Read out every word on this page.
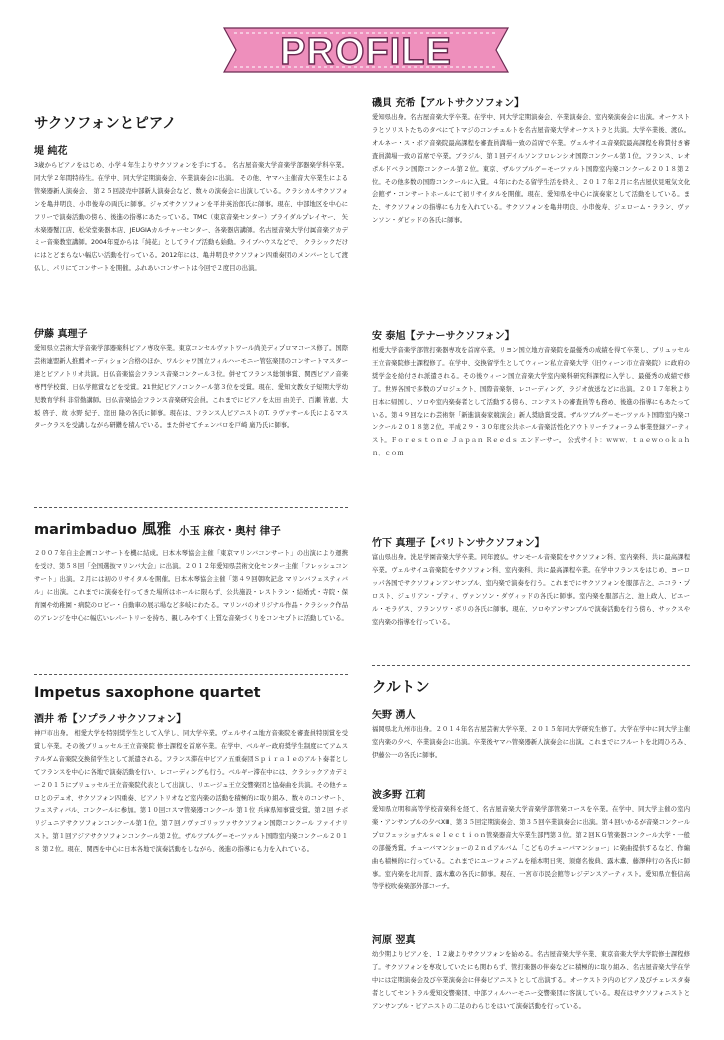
PROFILE
サクソフォンとピアノ
堤 純花

3歳からピアノをはじめ、小学４年生よりサクソフォンを手にする。 名古屋音楽大学音楽学部器楽学科卒業。 同大学２年間特待生。在学中、同大学定期演奏会、卒業演奏会に出演。 その他、ヤマハ主催音大卒業生による管楽器新人演奏会、 第２５回読売中部新人演奏会など、数々の演奏会に出演している。クラシカルサクソフォンを亀井明良、小串俊寿の両氏に師事。ジャズサクソフォンを平井英治郎氏に師事。現在、中部地区を中心にフリーで演奏活動の傍ら、後進の指導にあたっている。TMC（東京音楽センター）ブライダルプレイヤー、 矢木楽器蟹江店、松栄堂楽器本店、JEUGIAカルチャーセンター、各楽器店講師。名古屋音楽大学付属音楽アカデミー音楽教室講師。2004年夏からは「純花」としてライブ活動も始動。ライブハウスなどで、 クラシックだけにはとどまらない幅広い活動を行っている。2012年には、亀井明良サクソフォン四重奏団のメンバーとして渡仏し、パリにてコンサートを開催。ふれあいコンサートは今回で２度目の出演。

伊藤 真理子

愛知県立芸術大学音楽学部器楽科ピアノ専攻卒業。東京コンセルヴァトワール尚美ディプロマコース修了。国際芸術連盟新人推薦オーディション合格のほか、ワルシャワ国立フィルハーモニー管弦楽団のコンサートマスター達とピアノトリオ共演。日仏音楽協会フランス音楽コンクール３位。併せてフランス総領事賞、関西ピアノ音楽専門学校賞、日仏学館賞などを受賞。21世紀ピアノコンクール第３位を受賞。現在、愛知文教女子短期大学幼児教育学科 非常勤講師。日仏音楽協会フランス音楽研究会員。これまでにピアノを太田 由美子、百瀬 皆恵、大坂 啓子、故 水野 紀子、窪田 隆の各氏に師事。現在は、フランス人ピアニストのT. ラヴァサール氏によるマスタークラスを受講しながら研鑽を積んでいる。また併せてチェンバロを戸崎 廣乃氏に師事。

marimbaduo 風雅 小玉 麻衣・奥村 律子

２００７年自主企画コンサートを機に結成。日本木琴協会主催「東京マリンバコンサート」の出演により運携を受け、第５８回「全国選抜マリンバ大会」に出演。２０１２年愛知県芸術文化センター主催「フレッシュコンサート」出演。２月には初のリサイタルを開催。日本木琴協会主催「第４９回朝吹記念 マリンバフェスティバル」に出演。これまでに演奏を行ってきた場所はホールに限らず、公共施設・レストラン・結婚式・寺院・保育園や幼稚園・病院のロビー・自動車の展示場など多岐にわたる。マリンバのオリジナル作品・クラシック作品のアレンジを中心に幅広いレパートリーを持ち、親しみやすく上質な音楽づくりをコンセプトに活動している。

Impetus saxophone quartet
酒井 希【ソプラノサクソフォン】

神戸市出身。 相愛大学を特別奨学生として入学し、同大学卒業。ヴェルサイユ地方音楽院を審査員特別賞を受賞し卒業。その後ブリュッセル王立音楽院 修士課程を首席卒業。在学中、ベルギー政府奨学生制度にてアムステルダム音楽院交換留学生として派遣される。フランス滞在中ピアノ五重奏団Ｓｐｉｒａｌｅのアルト奏者としてフランスを中心に各地で演奏活動を行い、レコーディングも行う。ベルギー滞在中には、クラシックアカデミー２０１５にブリュッセル王立音楽院代表として出演し、リエージュ王立交響楽団と協奏曲を共演。その他チェロとのデュオ、サクソフォン四重奏、ピアノトリオなど室内楽の活動を積極的に取り組み、数々のコンサート、フェスティバル、コンクールに参加。第１０回コスマ管楽器コンクール 第１位 兵庫県知事賞受賞。第２回 チボリジュニアサクソフォンコンクール第１位。第７回ノヴァゴリッツァサクソフォン国際コンクール ファイナリスト。第１回アジアサクソフォンコンクール第２位。ザルツブルグ＝モーツァルト国際室内楽コンクール２０１８ 第２位。現在、関西を中心に日本各地で演奏活動をしながら、後進の指導にも力を入れている。

磯貝 充希【アルトサクソフォン】

愛知県出身。名古屋音楽大学卒業。在学中、同大学定期演奏会、卒業演奏会、室内楽演奏会に出演。オーケストラとソリストたちのタベにてトマジのコンチェルトを名古屋音楽大学オーケストラと共演。大学卒業後、渡仏。オルネー・ス・ボア音楽院最高課程を審査員満場一致の首席で卒業。ヴェルサイユ音楽院最高課程を称賛付き審査員満場一致の首席で卒業。ブラジル、第１回デイルソンフロレンシオ国際コンクール第１位。フランス、レオポルドベラン国際コンクール第２位。東京、ザルツブルグ＝モーツァルト国際室内楽コンクール２０１８第２位。その他多数の国際コンクールに入賞。４年にわたる留学生活を終え、２０１７年２月に名古屋伏見電気文化会館ザ・コンサートホールにて初リサイタルを開催。現在、愛知県を中心に演奏家として活動をしている。また、サクソフォンの指導にも力を入れている。サクソフォンを亀井明良、小串俊寿、ジェローム・ララン、ヴァンソン・ダビッドの各氏に師事。

安 泰旭【テナーサクソフォン】

相愛大学音楽学部管打楽器専攻を首席卒業。リヨン国立地方音楽院を最優秀の成績を得て卒業し、ブリュッセル王立音楽院修士課程修了。在学中、交換留学生としてウィーン私立音楽大学（旧ウィーン市立音楽院）に政府の奨学金を給付され派遣される。その後ウィーン国立音楽大学室内楽科研究科課程に入学し、最優秀の成績で修了。世界各国で多数のプロジェクト、国際音楽祭、レコーディング、ラジオ放送などに出演。２０１７年秋より日本に帰国し、ソロや室内楽奏者として活動する傍ら、コンテストの審査員等も務め、後進の指導にもあたっている。第４９回なにわ芸術祭「新進演奏家競演会」新人奨励賞受賞。ザルツブルグ＝モーツァルト国際室内楽コンクール２０１８第２位。平成２９・３０年度公共ホール音楽活性化アウトリーチフォーラム事業登録アーティスト。Ｆｏｒｅｓｔｏｎｅ Ｊａｐａｎ Ｒｅｅｄｓ エンドーサー。 公式サイト：ｗｗｗ．ｔａｅｗｏｏｋａｈｎ．ｃｏｍ

竹下 真理子【バリトンサクソフォン】

富山県出身。洗足学園音楽大学卒業。同年渡仏。サンモール音楽院をサクソフォン科、室内楽科、共に最高課程卒業。ヴェルサイユ音楽院をサクソフォン科、室内楽科、共に最高課程卒業。在学中フランスをはじめ、ヨーロッパ各国でサクソフォンアンサンブル、室内楽で演奏を行う。これまでにサクソフォンを服部吉之、ニコラ・プロスト、ジュリアン・プティ、ヴァンソン・ダヴィッドの各氏に師事。室内楽を服部吉之、池上政人、ピエール・モラゲス、フランソワ・ボリの各氏に師事。現在、ソロやアンサンブルで演奏活動を行う傍ら、サックスや室内楽の指導を行っている。

クルトン
矢野 湧人

福岡県北九州市出身。２０１４年名古屋芸術大学卒業、２０１５年同大学研究生修了。大学在学中に同大学主催室内楽の夕べ、卒業演奏会に出演。卒業後ヤマハ管楽器新人演奏会に出演。これまでにフルートを北岡ひろみ、伊藤公一の各氏に師事。

波多野 江莉

愛知県立明和高等学校音楽科を経て、名古屋音楽大学音楽学部管楽コースを卒業。在学中、同大学主催の室内楽・アンサンブルの夕べⅩⅢ、第３５回定期演奏会、第３５回卒業演奏会に出演。第４回いかるが音楽コンクールプロフェッショナルｓｅｌｅｃｔｉｏｎ管楽器音大卒業生部門第３位。第２回ＫＧ管楽器コンクール大学・一般の部優秀賞。チューバマンショーの２ｎｄアルバム「こどものチューバマンショー」に楽曲提供するなど、作編曲も積極的に行っている。これまでにユーフォニアムを稲本明日実、須齋名俊典、露木薫、藤澤伸行の各氏に師事。室内楽を北川晋、露木薫の各氏に師事。現在、一宮市市民会館等レジデンスアーティスト。愛知県立惟信高等学校吹奏楽部外部コーチ。

河原 翌真

幼少期よりピアノを、１２歳よりサクソフォンを始める。名古屋音楽大学卒業、東京音楽大学大学院修士課程修了。サクソフォンを専攻していたにも関わらず、管打楽器の伴奏などに積極的に取り組み、名古屋音楽大学在学中には定期演奏会及び卒業演奏会に伴奏ピアニストとして出演する。オーケストラ内のピアノ及びチェレスタ奏者としてセントラル愛知交響楽団、中部フィルハーモニー交響楽団に客演している。現在はサクソフォニストとアンサンブル・ピアニストの二足のわらじをはいて演奏活動を行っている。
